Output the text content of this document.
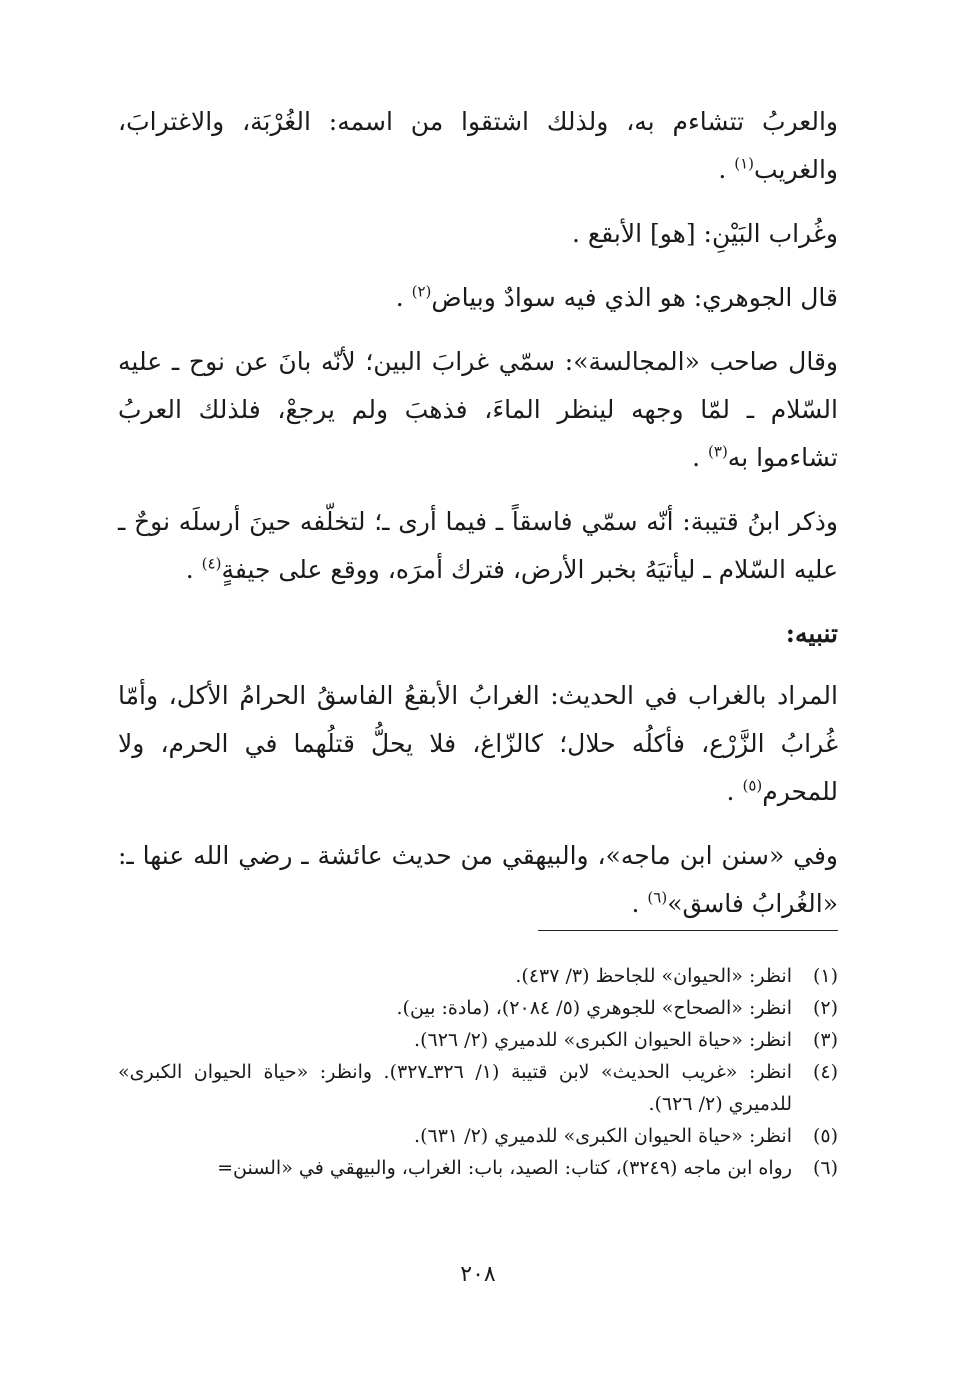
والعربُ تتشاءم به، ولذلك اشتقوا من اسمه: الغُرْبَة، والاغترابَ، والغريب$^{(١)}$ .

وغُراب البَيْنِ: [هو] الأبقع .

قال الجوهري: هو الذي فيه سوادٌ وبياض$^{(٢)}$ .

وقال صاحب «المجالسة»: سمّي غرابَ البين؛ لأنّه بانَ عن نوح ـ عليه السّلام ـ لمّا وجهه لينظر الماءَ، فذهبَ ولم يرجعْ، فلذلك العربُ تشاءموا به$^{(٣)}$ .

وذكر ابنُ قتيبة: أنّه سمّي فاسقاً ـ فيما أرى ـ؛ لتخلّفه حينَ أرسلَه نوحٌ ـ عليه السّلام ـ ليأتيَهُ بخبر الأرض، فترك أمرَه، ووقع على جيفةٍ$^{(٤)}$ .

تنبيه:

المراد بالغراب في الحديث: الغرابُ الأبقعُ الفاسقُ الحرامُ الأكل، وأمّا غُرابُ الزَّرْع، فأكلُه حلال؛ كالزّاغ، فلا يحلُّ قتلُهما في الحرم، ولا للمحرم$^{(٥)}$ .

وفي «سنن ابن ماجه»، والبيهقي من حديث عائشة ـ رضي الله عنها ـ: «الغُرابُ فاسق»$^{(٦)}$ .

(١)
انظر: «الحيوان» للجاحظ (٣/ ٤٣٧).
(٢)
انظر: «الصحاح» للجوهري (٥/ ٢٠٨٤)، (مادة: بين).
(٣)
انظر: «حياة الحيوان الكبرى» للدميري (٢/ ٦٢٦).
(٤)
انظر: «غريب الحديث» لابن قتيبة (١/ ٣٢٦ـ٣٢٧). وانظر: «حياة الحيوان الكبرى» للدميري (٢/ ٦٢٦).
(٥)
انظر: «حياة الحيوان الكبرى» للدميري (٢/ ٦٣١).
(٦)
رواه ابن ماجه (٣٢٤٩)، كتاب: الصيد، باب: الغراب، والبيهقي في «السنن=
٢٠٨
